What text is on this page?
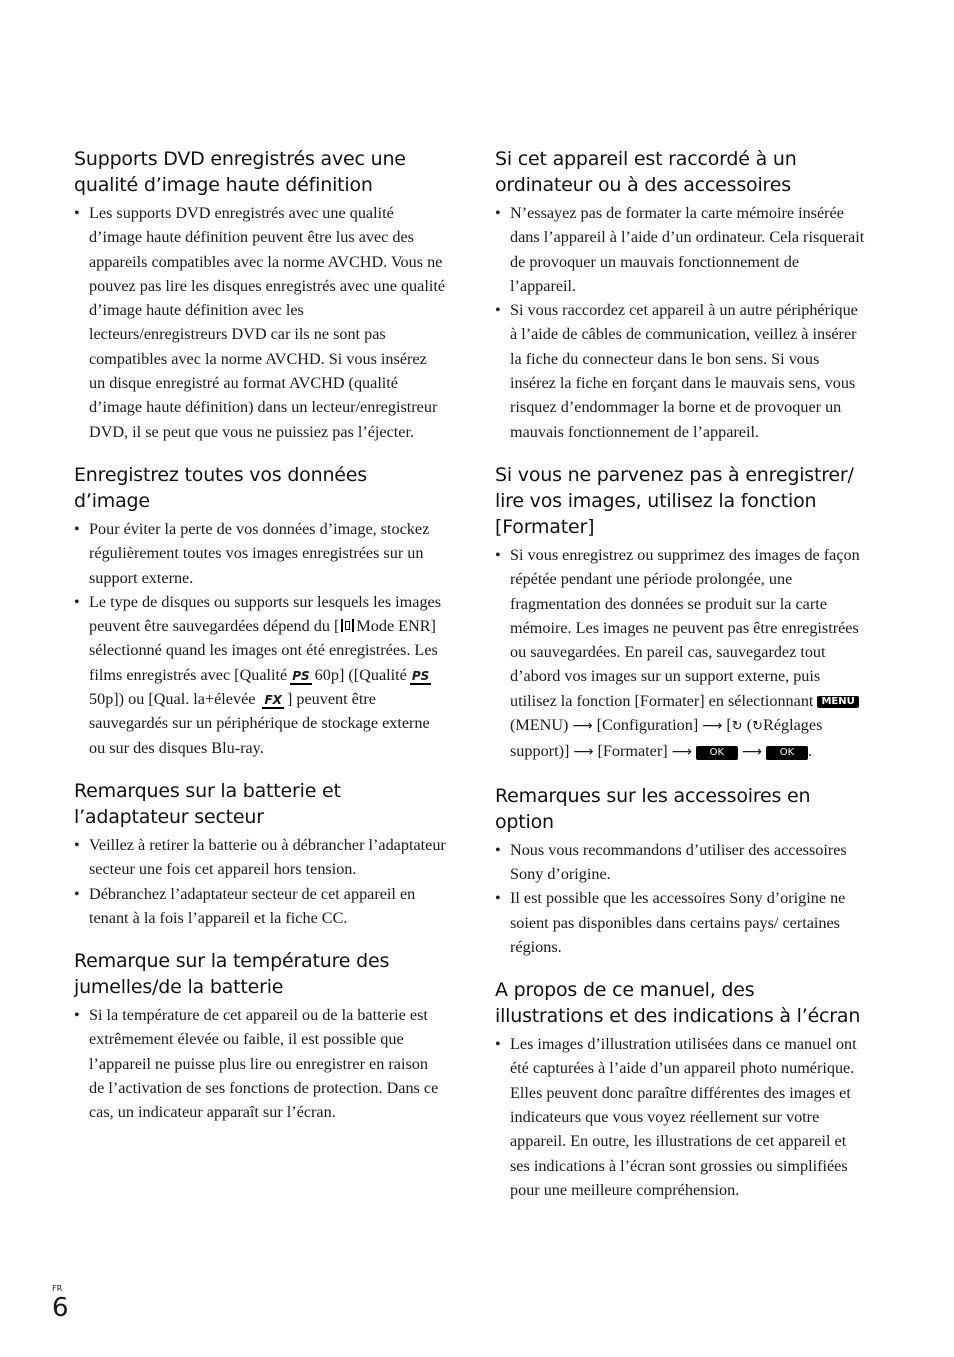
Supports DVD enregistrés avec une qualité d’image haute définition
• Les supports DVD enregistrés avec une qualité d’image haute définition peuvent être lus avec des appareils compatibles avec la norme AVCHD. Vous ne pouvez pas lire les disques enregistrés avec une qualité d’image haute définition avec les lecteurs/enregistreurs DVD car ils ne sont pas compatibles avec la norme AVCHD. Si vous insérez un disque enregistré au format AVCHD (qualité d’image haute définition) dans un lecteur/enregistreur DVD, il se peut que vous ne puissiez pas l’éjecter.
Enregistrez toutes vos données d’image
• Pour éviter la perte de vos données d’image, stockez régulièrement toutes vos images enregistrées sur un support externe.
• Le type de disques ou supports sur lesquels les images peuvent être sauvegardées dépend du [ Mode ENR] sélectionné quand les images ont été enregistrées. Les films enregistrés avec [Qualité PS 60p] ([Qualité PS50p]) ou [Qual. la+élevée FX ] peuvent être sauvegardés sur un périphérique de stockage externe ou sur des disques Blu-ray.
Remarques sur la batterie et l’adaptateur secteur
• Veillez à retirer la batterie ou à débrancher l’adaptateur secteur une fois cet appareil hors tension.
• Débranchez l’adaptateur secteur de cet appareil en tenant à la fois l’appareil et la fiche CC.
Remarque sur la température des jumelles/de la batterie
• Si la température de cet appareil ou de la batterie est extrêmement élevée ou faible, il est possible que l’appareil ne puisse plus lire ou enregistrer en raison de l’activation de ses fonctions de protection. Dans ce cas, un indicateur apparaît sur l’écran.
Si cet appareil est raccordé à un ordinateur ou à des accessoires
• N’essayez pas de formater la carte mémoire insérée dans l’appareil à l’aide d’un ordinateur. Cela risquerait de provoquer un mauvais fonctionnement de l’appareil.
• Si vous raccordez cet appareil à un autre périphérique à l’aide de câbles de communication, veillez à insérer la fiche du connecteur dans le bon sens. Si vous insérez la fiche en forçant dans le mauvais sens, vous risquez d’endommager la borne et de provoquer un mauvais fonctionnement de l’appareil.
Si vous ne parvenez pas à enregistrer/ lire vos images, utilisez la fonction [Formater]
• Si vous enregistrez ou supprimez des images de façon répétée pendant une période prolongée, une fragmentation des données se produit sur la carte mémoire. Les images ne peuvent pas être enregistrées ou sauvegardées. En pareil cas, sauvegardez tout d’abord vos images sur un support externe, puis utilisez la fonction [Formater] en sélectionnant MENU (MENU) ⟶ [Configuration] ⟶ [↻ (↻Réglages support)] ⟶ [Formater] ⟶ OK ⟶ OK .
Remarques sur les accessoires en option
• Nous vous recommandons d’utiliser des accessoires Sony d’origine.
• Il est possible que les accessoires Sony d’origine ne soient pas disponibles dans certains pays/ certaines régions.
A propos de ce manuel, des illustrations et des indications à l’écran
• Les images d’illustration utilisées dans ce manuel ont été capturées à l’aide d’un appareil photo numérique. Elles peuvent donc paraître différentes des images et indicateurs que vous voyez réellement sur votre appareil. En outre, les illustrations de cet appareil et ses indications à l’écran sont grossies ou simplifiées pour une meilleure compréhension.
FR
6
